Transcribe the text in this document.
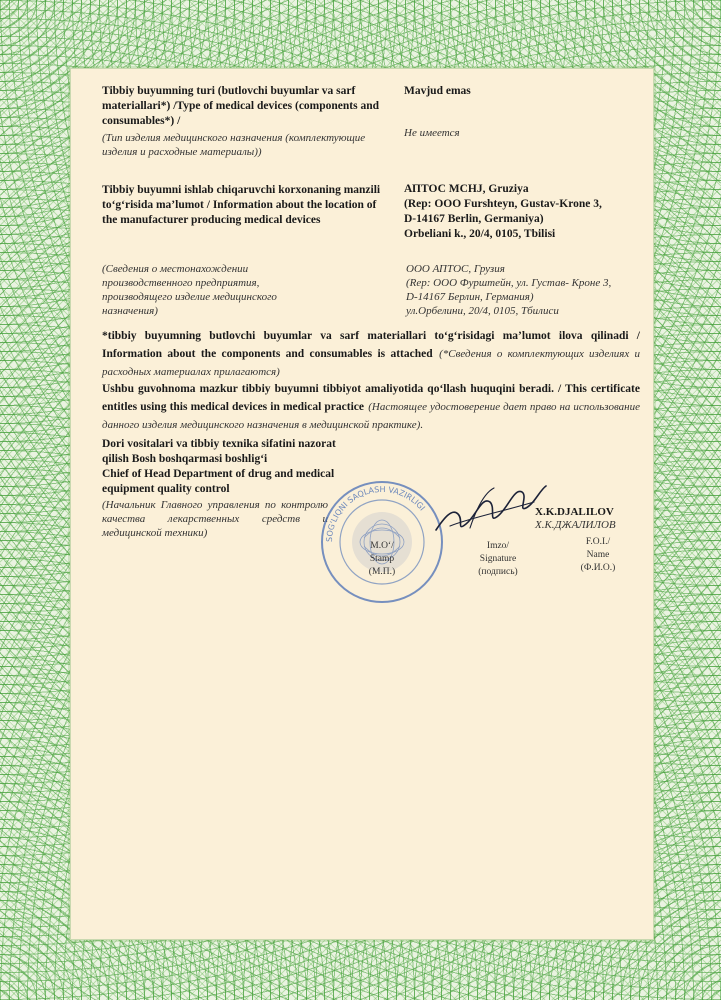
Tibbiy buyumning turi (butlovchi buyumlar va sarf materiallari*) /Type of medical devices (components and consumables*) /
(Тип изделия медицинского назначения (комплектующие изделия и расходные материалы))
Mavjud emas
Не имеется
Tibbiy buyumni ishlab chiqaruvchi korxonaning manzili to‘g‘risida ma’lumot / Information about the location of the manufacturer producing medical devices
(Сведения о местонахождении производственного предприятия, производящего изделие медицинского назначения)
АПТОС MCHJ, Gruziya
(Rep: ООО Furshteyn, Gustav-Krone 3,
D-14167 Berlin, Germaniya)
Orbeliani k., 20/4, 0105, Tbilisi
ООО АПТОС, Грузия
(Rep: ООО Фурштейн, ул. Густав- Кроне 3,
D-14167 Берлин, Германия)
ул.Орбелини, 20/4, 0105, Тбилиси
*tibbiy buyumning butlovchi buyumlar va sarf materiallari to‘g‘risidagi ma’lumot ilova qilinadi / Information about the components and consumables is attached (*Сведения о комплектующих изделиях и расходных материалах прилагаются)
Ushbu guvohnoma mazkur tibbiy buyumni tibbiyot amaliyotida qo‘llash huquqini beradi. / This certificate entitles using this medical devices in medical practice (Настоящее удостоверение дает право на использование данного изделия медицинского назначения в медицинской практике).
Dori vositalari va tibbiy texnika sifatini nazorat
qilish Bosh boshqarmasi boshlig‘i
Chief of Head Department of drug and medical
equipment quality control
(Начальник Главного управления по контролю
качества лекарственных средств и
медицинской техники)
SOG'LIQNI SAQLASH VAZIRLIGI
M.O‘/
Stamp
(М.П.)
Imzo/
Signature
(подпись)
X.K.DJALILOV
Х.К.ДЖАЛИЛОВ
F.O.I./
Name
(Ф.И.О.)
